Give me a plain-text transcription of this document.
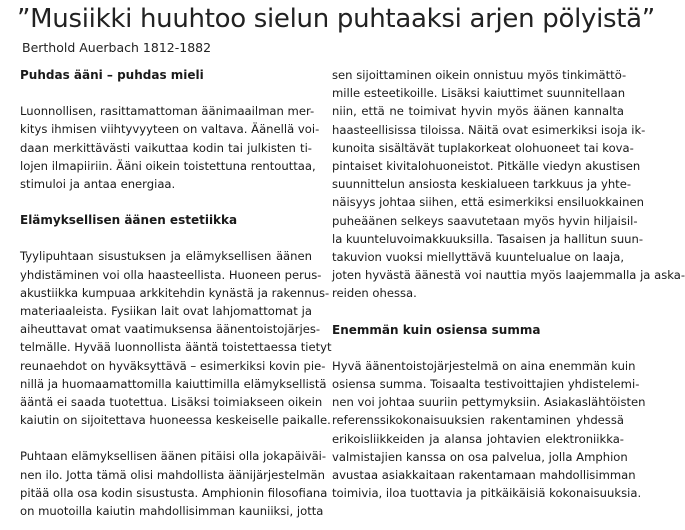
”Musiikki huuhtoo sielun puhtaaksi arjen pölyistä”
Berthold Auerbach 1812-1882
Puhdas ääni – puhdas mieli

Luonnollisen, rasittamattoman äänimaailman mer-
kitys ihmisen viihtyvyyteen on valtava. Äänellä voi-
daan merkittävästi vaikuttaa kodin tai julkisten ti-
lojen ilmapiiriin. Ääni oikein toistettuna rentouttaa,
stimuloi ja antaa energiaa.

Elämyksellisen äänen estetiikka

Tyylipuhtaan sisustuksen ja elämyksellisen äänen
yhdistäminen voi olla haasteellista. Huoneen perus-
akustiikka kumpuaa arkkitehdin kynästä ja rakennus-
materiaaleista. Fysiikan lait ovat lahjomattomat ja
aiheuttavat omat vaatimuksensa äänentoistojärjes-
telmälle. Hyvää luonnollista ääntä toistettaessa tietyt
reunaehdot on hyväksyttävä – esimerkiksi kovin pie-
nillä ja huomaamattomilla kaiuttimilla elämyksellistä
ääntä ei saada tuotettua. Lisäksi toimiakseen oikein
kaiutin on sijoitettava huoneessa keskeiselle paikalle.

Puhtaan elämyksellisen äänen pitäisi olla jokapäiväi-
nen ilo. Jotta tämä olisi mahdollista äänijärjestelmän
pitää olla osa kodin sisustusta. Amphionin filosofiana
on muotoilla kaiutin mahdollisimman kauniiksi, jotta

sen sijoittaminen oikein onnistuu myös tinkimättö-
mille esteetikoille. Lisäksi kaiuttimet suunnitellaan
niin, että ne toimivat hyvin myös äänen kannalta
haasteellisissa tiloissa. Näitä ovat esimerkiksi isoja ik-
kunoita sisältävät tuplakorkeat olohuoneet tai kova-
pintaiset kivitalohuoneistot. Pitkälle viedyn akustisen
suunnittelun ansiosta keskialueen tarkkuus ja yhte-
näisyys johtaa siihen, että esimerkiksi ensiluokkainen
puheäänen selkeys saavutetaan myös hyvin hiljaisil-
la kuunteluvoimakkuuksilla. Tasaisen ja hallitun suun-
takuvion vuoksi miellyttävä kuuntelualue on laaja,
joten hyvästä äänestä voi nauttia myös laajemmalla ja aska-
reiden ohessa.

Enemmän kuin osiensa summa

Hyvä äänentoistojärjestelmä on aina enemmän kuin
osiensa summa. Toisaalta testivoittajien yhdistelemi-
nen voi johtaa suuriin pettymyksiin. Asiakaslähtöisten
referenssikokonaisuuksien rakentaminen yhdessä
erikoisliikkeiden ja alansa johtavien elektroniikka-
valmistajien kanssa on osa palvelua, jolla Amphion
avustaa asiakkaitaan rakentamaan mahdollisimman
toimivia, iloa tuottavia ja pitkäikäisiä kokonaisuuksia.
